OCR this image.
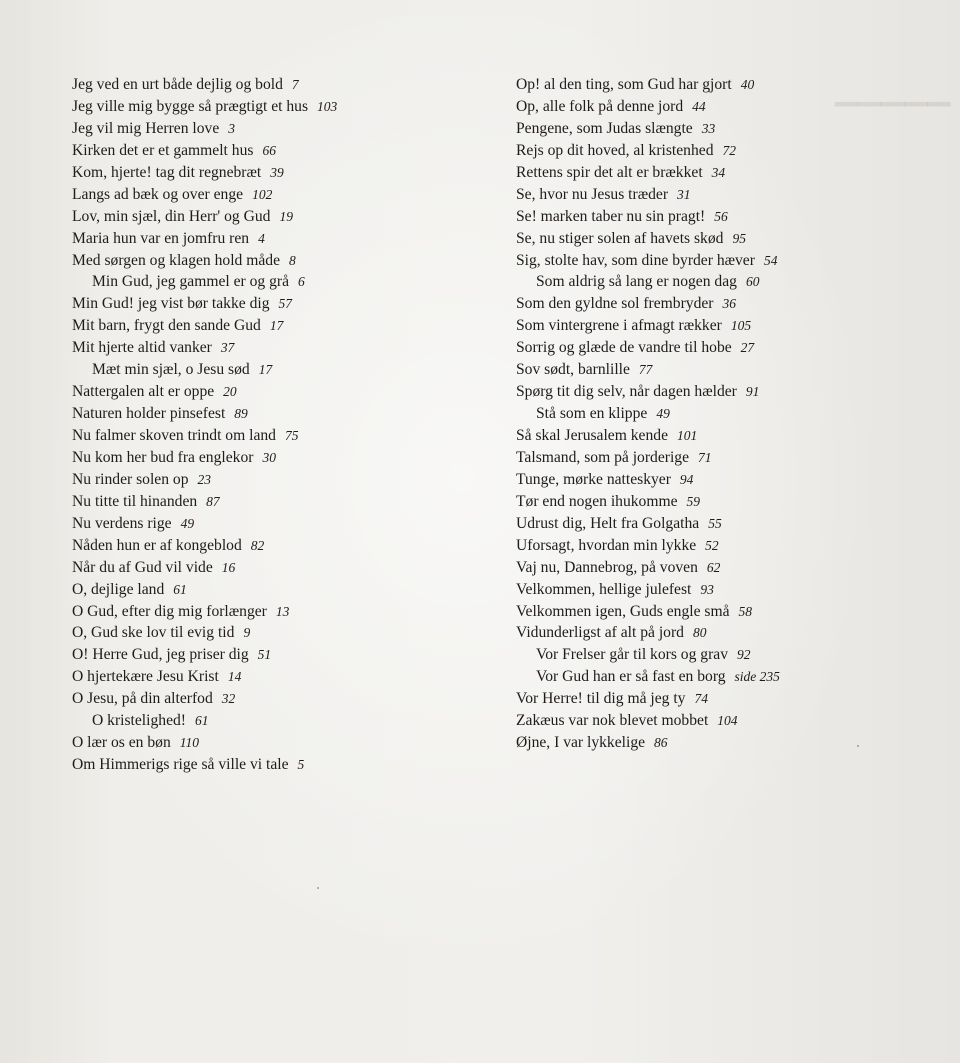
▁▁▁▁▁
Jeg ved en urt både dejlig og bold 7
Jeg ville mig bygge så prægtigt et hus 103
Jeg vil mig Herren love 3
Kirken det er et gammelt hus 66
Kom, hjerte! tag dit regnebræt 39
Langs ad bæk og over enge 102
Lov, min sjæl, din Herr' og Gud 19
Maria hun var en jomfru ren 4
Med sørgen og klagen hold måde 8
Min Gud, jeg gammel er og grå 6
Min Gud! jeg vist bør takke dig 57
Mit barn, frygt den sande Gud 17
Mit hjerte altid vanker 37
Mæt min sjæl, o Jesu sød 17
Nattergalen alt er oppe 20
Naturen holder pinsefest 89
Nu falmer skoven trindt om land 75
Nu kom her bud fra englekor 30
Nu rinder solen op 23
Nu titte til hinanden 87
Nu verdens rige 49
Nåden hun er af kongeblod 82
Når du af Gud vil vide 16
O, dejlige land 61
O Gud, efter dig mig forlænger 13
O, Gud ske lov til evig tid 9
O! Herre Gud, jeg priser dig 51
O hjertekære Jesu Krist 14
O Jesu, på din alterfod 32
O kristelighed! 61
O lær os en bøn 110
Om Himmerigs rige så ville vi tale 5
Op! al den ting, som Gud har gjort 40
Op, alle folk på denne jord 44
Pengene, som Judas slængte 33
Rejs op dit hoved, al kristenhed 72
Rettens spir det alt er brækket 34
Se, hvor nu Jesus træder 31
Se! marken taber nu sin pragt! 56
Se, nu stiger solen af havets skød 95
Sig, stolte hav, som dine byrder hæver 54
Som aldrig så lang er nogen dag 60
Som den gyldne sol frembryder 36
Som vintergrene i afmagt rækker 105
Sorrig og glæde de vandre til hobe 27
Sov sødt, barnlille 77
Spørg tit dig selv, når dagen hælder 91
Stå som en klippe 49
Så skal Jerusalem kende 101
Talsmand, som på jorderige 71
Tunge, mørke natteskyer 94
Tør end nogen ihukomme 59
Udrust dig, Helt fra Golgatha 55
Uforsagt, hvordan min lykke 52
Vaj nu, Dannebrog, på voven 62
Velkommen, hellige julefest 93
Velkommen igen, Guds engle små 58
Vidunderligst af alt på jord 80
Vor Frelser går til kors og grav 92
Vor Gud han er så fast en borg side 235
Vor Herre! til dig må jeg ty 74
Zakæus var nok blevet mobbet 104
Øjne, I var lykkelige 86
